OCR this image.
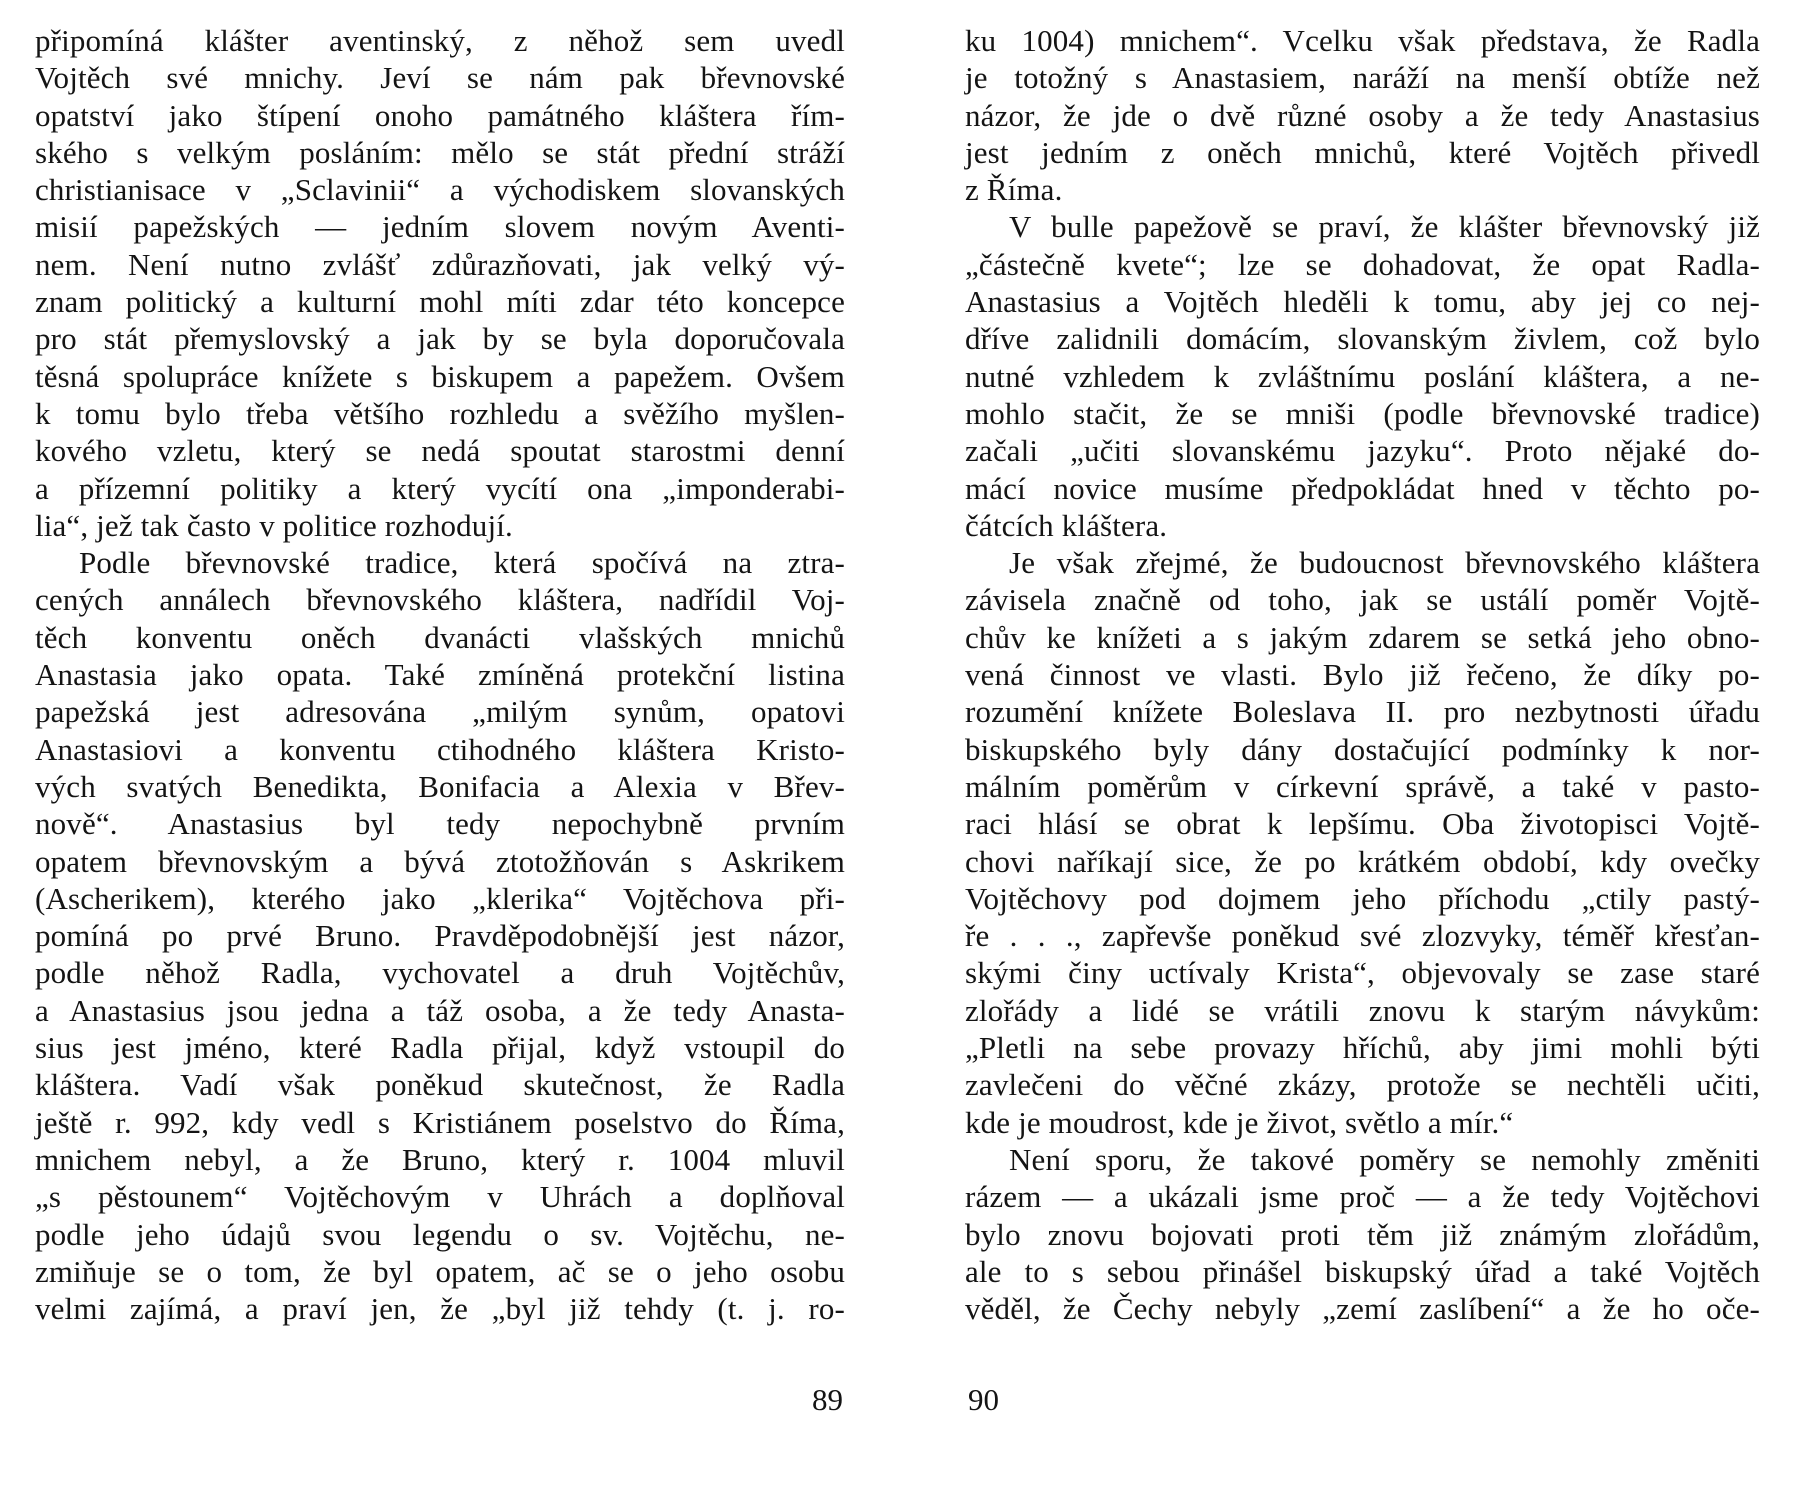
připomíná klášter aventinský, z něhož sem uvedl
Vojtěch své mnichy. Jeví se nám pak břevnovské
opatství jako štípení onoho památného kláštera řím-
ského s velkým posláním: mělo se stát přední stráží
christianisace v „Sclavinii“ a východiskem slovanských
misií papežských — jedním slovem novým Aventi-
nem. Není nutno zvlášť zdůrazňovati, jak velký vý-
znam politický a kulturní mohl míti zdar této koncepce
pro stát přemyslovský a jak by se byla doporučovala
těsná spolupráce knížete s biskupem a papežem. Ovšem
k tomu bylo třeba většího rozhledu a svěžího myšlen-
kového vzletu, který se nedá spoutat starostmi denní
a přízemní politiky a který vycítí ona „imponderabi-
lia“, jež tak často v politice rozhodují.
Podle břevnovské tradice, která spočívá na ztra-
cených annálech břevnovského kláštera, nadřídil Voj-
těch konventu oněch dvanácti vlašských mnichů
Anastasia jako opata. Také zmíněná protekční listina
papežská jest adresována „milým synům, opatovi
Anastasiovi a konventu ctihodného kláštera Kristo-
vých svatých Benedikta, Bonifacia a Alexia v Břev-
nově“. Anastasius byl tedy nepochybně prvním
opatem břevnovským a bývá ztotožňován s Askrikem
(Ascherikem), kterého jako „klerika“ Vojtěchova při-
pomíná po prvé Bruno. Pravděpodobnější jest názor,
podle něhož Radla, vychovatel a druh Vojtěchův,
a Anastasius jsou jedna a táž osoba, a že tedy Anasta-
sius jest jméno, které Radla přijal, když vstoupil do
kláštera. Vadí však poněkud skutečnost, že Radla
ještě r. 992, kdy vedl s Kristiánem poselstvo do Říma,
mnichem nebyl, a že Bruno, který r. 1004 mluvil
„s pěstounem“ Vojtěchovým v Uhrách a doplňoval
podle jeho údajů svou legendu o sv. Vojtěchu, ne-
zmiňuje se o tom, že byl opatem, ač se o jeho osobu
velmi zajímá, a praví jen, že „byl již tehdy (t. j. ro-
89
ku 1004) mnichem“. Vcelku však představa, že Radla
je totožný s Anastasiem, naráží na menší obtíže než
názor, že jde o dvě různé osoby a že tedy Anastasius
jest jedním z oněch mnichů, které Vojtěch přivedl
z Říma.
V bulle papežově se praví, že klášter břevnovský již
„částečně kvete“; lze se dohadovat, že opat Radla-
Anastasius a Vojtěch hleděli k tomu, aby jej co nej-
dříve zalidnili domácím, slovanským živlem, což bylo
nutné vzhledem k zvláštnímu poslání kláštera, a ne-
mohlo stačit, že se mniši (podle břevnovské tradice)
začali „učiti slovanskému jazyku“. Proto nějaké do-
mácí novice musíme předpokládat hned v těchto po-
čátcích kláštera.
Je však zřejmé, že budoucnost břevnovského kláštera
závisela značně od toho, jak se ustálí poměr Vojtě-
chův ke knížeti a s jakým zdarem se setká jeho obno-
vená činnost ve vlasti. Bylo již řečeno, že díky po-
rozumění knížete Boleslava II. pro nezbytnosti úřadu
biskupského byly dány dostačující podmínky k nor-
málním poměrům v církevní správě, a také v pasto-
raci hlásí se obrat k lepšímu. Oba životopisci Vojtě-
chovi naříkají sice, že po krátkém období, kdy ovečky
Vojtěchovy pod dojmem jeho příchodu „ctily pastý-
ře . . ., zapřevše poněkud své zlozvyky, téměř křesťan-
skými činy uctívaly Krista“, objevovaly se zase staré
zlořády a lidé se vrátili znovu k starým návykům:
„Pletli na sebe provazy hříchů, aby jimi mohli býti
zavlečeni do věčné zkázy, protože se nechtěli učiti,
kde je moudrost, kde je život, světlo a mír.“
Není sporu, že takové poměry se nemohly změniti
rázem — a ukázali jsme proč — a že tedy Vojtěchovi
bylo znovu bojovati proti těm již známým zlořádům,
ale to s sebou přinášel biskupský úřad a také Vojtěch
věděl, že Čechy nebyly „zemí zaslíbení“ a že ho oče-
90
